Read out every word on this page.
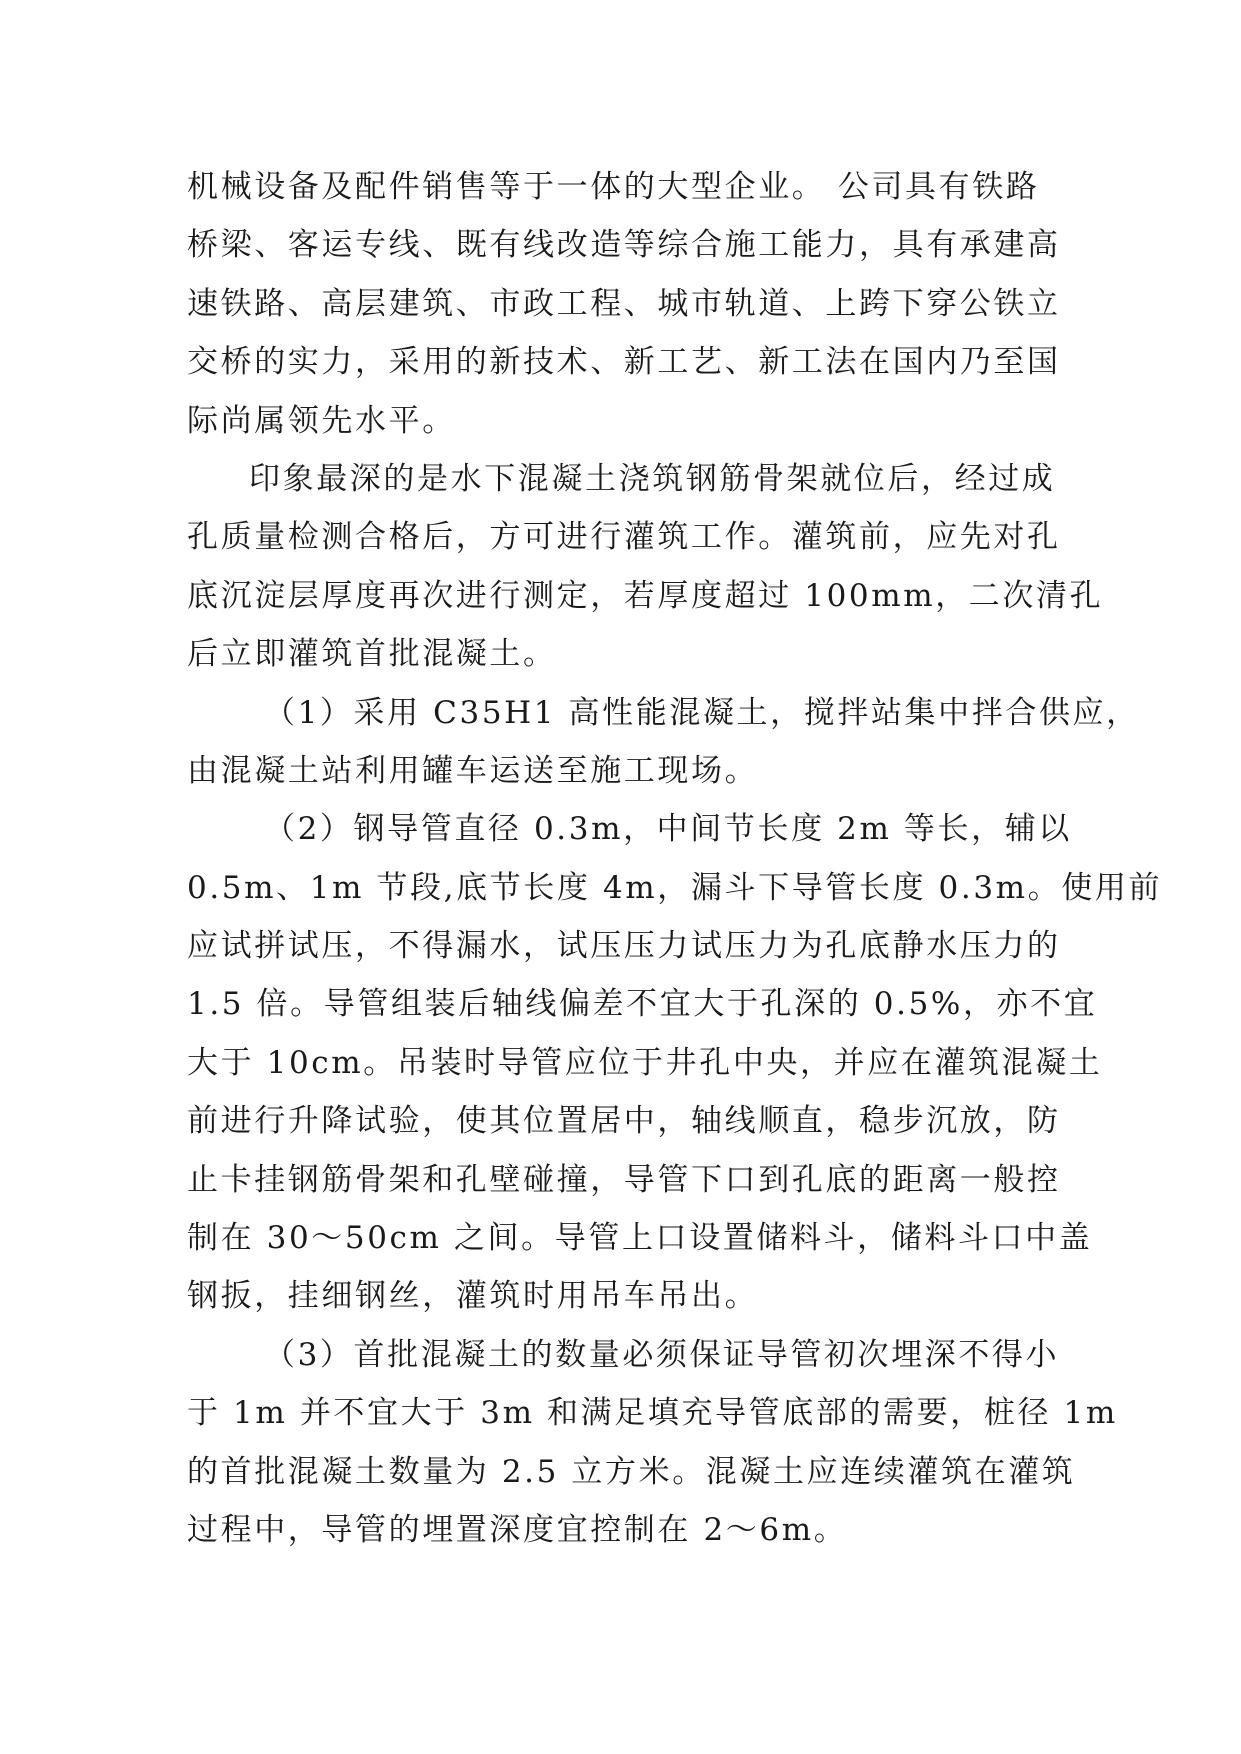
机械设备及配件销售等于一体的大型企业。 公司具有铁路
桥梁、客运专线、既有线改造等综合施工能力，具有承建高
速铁路、高层建筑、市政工程、城市轨道、上跨下穿公铁立
交桥的实力，采用的新技术、新工艺、新工法在国内乃至国
际尚属领先水平。
印象最深的是水下混凝土浇筑钢筋骨架就位后，经过成
孔质量检测合格后，方可进行灌筑工作。灌筑前，应先对孔
底沉淀层厚度再次进行测定，若厚度超过 100mm，二次清孔
后立即灌筑首批混凝土。
（1）采用 C35H1 高性能混凝土，搅拌站集中拌合供应，
由混凝土站利用罐车运送至施工现场。
（2）钢导管直径 0.3m，中间节长度 2m 等长，辅以
0.5m、1m 节段,底节长度 4m，漏斗下导管长度 0.3m。使用前
应试拼试压，不得漏水，试压压力试压力为孔底静水压力的
1.5 倍。导管组装后轴线偏差不宜大于孔深的 0.5%，亦不宜
大于 10cm。吊装时导管应位于井孔中央，并应在灌筑混凝土
前进行升降试验，使其位置居中，轴线顺直，稳步沉放，防
止卡挂钢筋骨架和孔壁碰撞，导管下口到孔底的距离一般控
制在 30～50cm 之间。导管上口设置储料斗，储料斗口中盖
钢扳，挂细钢丝，灌筑时用吊车吊出。
（3）首批混凝土的数量必须保证导管初次埋深不得小
于 1m 并不宜大于 3m 和满足填充导管底部的需要，桩径 1m
的首批混凝土数量为 2.5 立方米。混凝土应连续灌筑在灌筑
过程中，导管的埋置深度宜控制在 2～6m。
